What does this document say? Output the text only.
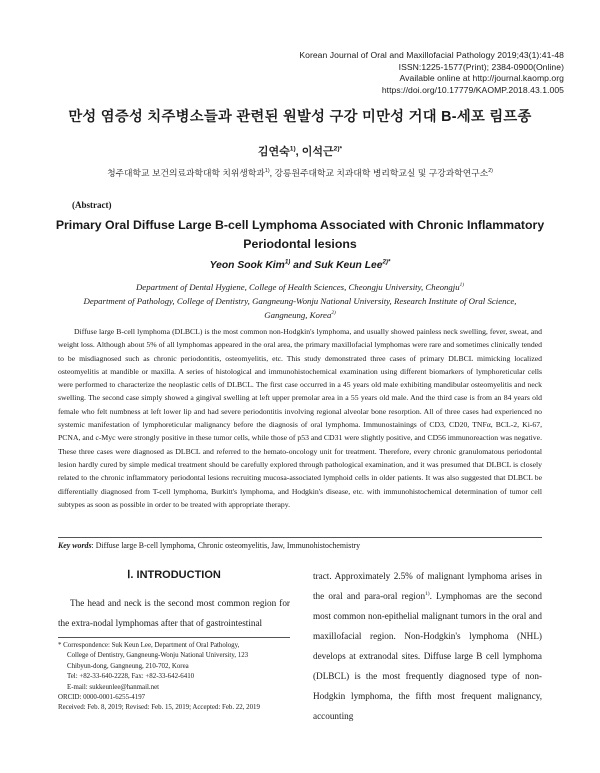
Korean Journal of Oral and Maxillofacial Pathology 2019;43(1):41-48
ISSN:1225-1577(Print); 2384-0900(Online)
Available online at http://journal.kaomp.org
https://doi.org/10.17779/KAOMP.2018.43.1.005
만성 염증성 치주병소들과 관련된 원발성 구강 미만성 거대 B-세포 림프종
김연숙$^{1)}$, 이석근$^{2)*}$
청주대학교 보건의료과학대학 치위생학과$^{1)}$, 강릉원주대학교 치과대학 병리학교실 및 구강과학연구소$^{2)}$
(Abstract)
Primary Oral Diffuse Large B-cell Lymphoma Associated with Chronic Inflammatory Periodontal lesions
Yeon Sook Kim$^{1)}$ and Suk Keun Lee$^{2)*}$
Department of Dental Hygiene, College of Health Sciences, Cheongju University, Cheongju$^{1)}$
Department of Pathology, College of Dentistry, Gangneung-Wonju National University, Research Institute of Oral Science,
Gangneung, Korea$^{2)}$

Diffuse large B-cell lymphoma (DLBCL) is the most common non-Hodgkin's lymphoma, and usually showed painless neck swelling, fever, sweat, and weight loss. Although about 5% of all lymphomas appeared in the oral area, the primary maxillofacial lymphomas were rare and sometimes clinically tended to be misdiagnosed such as chronic periodontitis, osteomyelitis, etc. This study demonstrated three cases of primary DLBCL mimicking localized osteomyelitis at mandible or maxilla. A series of histological and immunohistochemical examination using different biomarkers of lymphoreticular cells were performed to characterize the neoplastic cells of DLBCL. The first case occurred in a 45 years old male exhibiting mandibular osteomyelitis and neck swelling. The second case simply showed a gingival swelling at left upper premolar area in a 55 years old male. And the third case is from an 84 years old female who felt numbness at left lower lip and had severe periodontitis involving regional alveolar bone resorption. All of three cases had experienced no systemic manifestation of lymphoreticular malignancy before the diagnosis of oral lymphoma. Immunostainings of CD3, CD20, TNFα, BCL-2, Ki-67, PCNA, and c-Myc were strongly positive in these tumor cells, while those of p53 and CD31 were slightly positive, and CD56 immunoreaction was negative. These three cases were diagnosed as DLBCL and referred to the hemato-oncology unit for treatment. Therefore, every chronic granulomatous periodontal lesion hardly cured by simple medical treatment should be carefully explored through pathological examination, and it was presumed that DLBCL is closely related to the chronic inflammatory periodontal lesions recruiting mucosa-associated lymphoid cells in older patients. It was also suggested that DLBCL be differentially diagnosed from T-cell lymphoma, Burkitt's lymphoma, and Hodgkin's disease, etc. with immunohistochemical determination of tumor cell subtypes as soon as possible in order to be treated with appropriate therapy.

Key words: Diffuse large B-cell lymphoma, Chronic osteomyelitis, Jaw, Immunohistochemistry
Ⅰ. INTRODUCTION

The head and neck is the second most common region for the extra-nodal lymphomas after that of gastrointestinal

* Correspondence: Suk Keun Lee, Department of Oral Pathology,
College of Dentistry, Gangneung-Wonju National University, 123
Chibyun-dong, Gangneung, 210-702, Korea
Tel: +82-33-640-2228, Fax: +82-33-642-6410
E-mail: sukkeunlee@hanmail.net
ORCID: 0000-0001-6255-4197
Received: Feb. 8, 2019; Revised: Feb. 15, 2019; Accepted: Feb. 22, 2019

tract. Approximately 2.5% of malignant lymphoma arises in the oral and para-oral region$^{1)}$. Lymphomas are the second most common non-epithelial malignant tumors in the oral and maxillofacial region. Non-Hodgkin's lymphoma (NHL) develops at extranodal sites. Diffuse large B cell lymphoma (DLBCL) is the most frequently diagnosed type of non-Hodgkin lymphoma, the fifth most frequent malignancy, accounting
